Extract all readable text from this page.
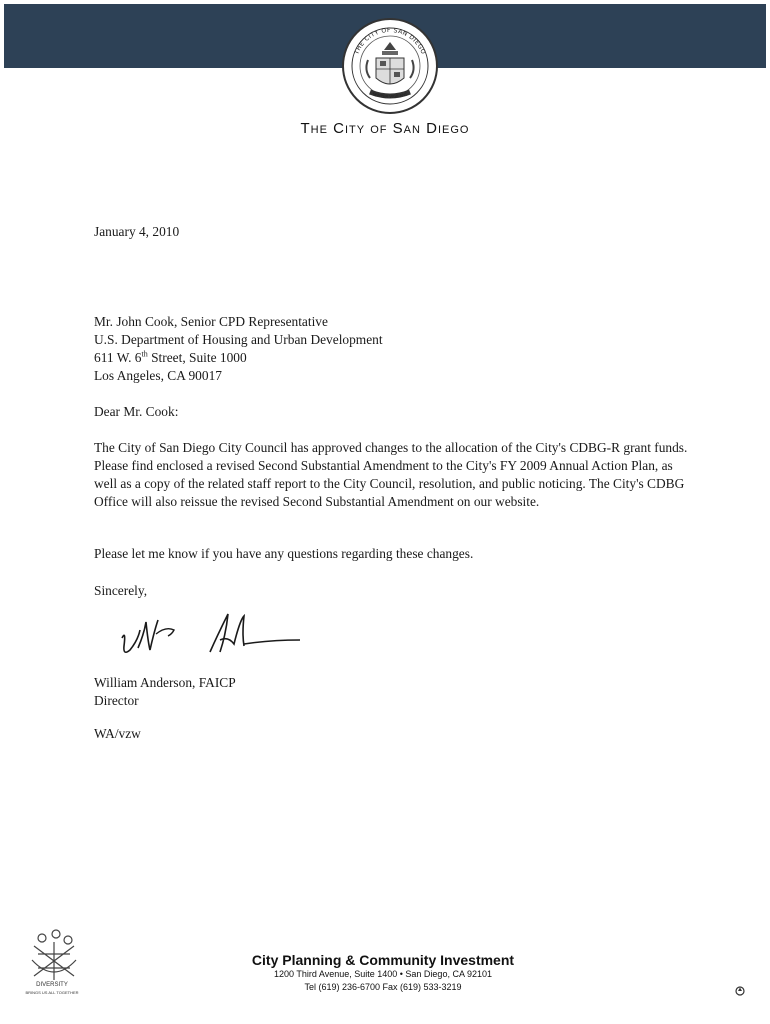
THE CITY OF SAN DIEGO
SEMPER VIGILANS
The City of San Diego
January 4, 2010
Mr. John Cook, Senior CPD Representative
U.S. Department of Housing and Urban Development
611 W. 6th Street, Suite 1000
Los Angeles, CA 90017
Dear Mr. Cook:
The City of San Diego City Council has approved changes to the allocation of the City's CDBG-R grant funds. Please find enclosed a revised Second Substantial Amendment to the City's FY 2009 Annual Action Plan, as well as a copy of the related staff report to the City Council, resolution, and public noticing. The City's CDBG Office will also reissue the revised Second Substantial Amendment on our website.
Please let me know if you have any questions regarding these changes.
Sincerely,
William Anderson, FAICP
Director
WA/vzw
DIVERSITY
BRINGS US ALL TOGETHER
City Planning & Community Investment
1200 Third Avenue, Suite 1400 • San Diego, CA 92101
Tel (619) 236-6700 Fax (619) 533-3219
